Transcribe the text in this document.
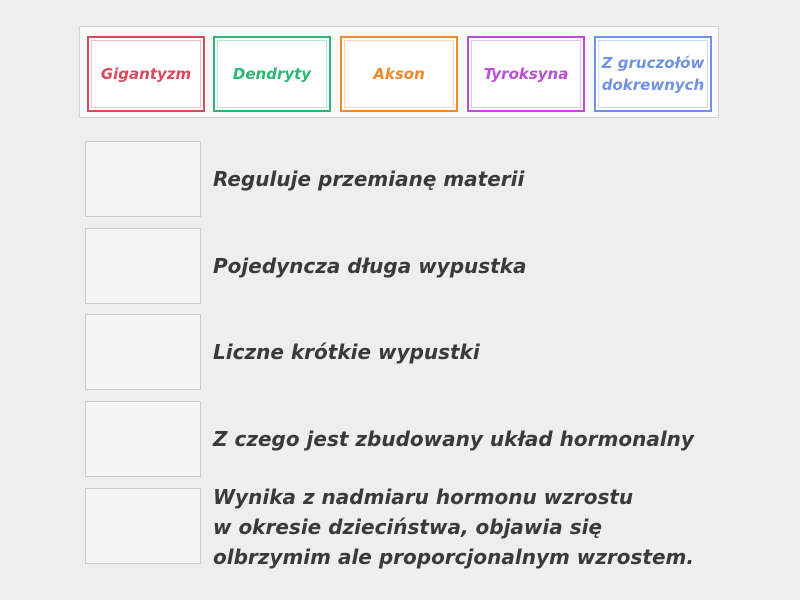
Gigantyzm	Dendryty	Akson	Tyroksyna
Z gruczołów dokrewnych
Reguluje przemianę materii
Pojedyncza długa wypustka
Liczne krótkie wypustki
Z czego jest zbudowany układ hormonalny
Wynika z nadmiaru hormonu wzrostu
w okresie dzieciństwa, objawia się
olbrzymim ale proporcjonalnym wzrostem.
